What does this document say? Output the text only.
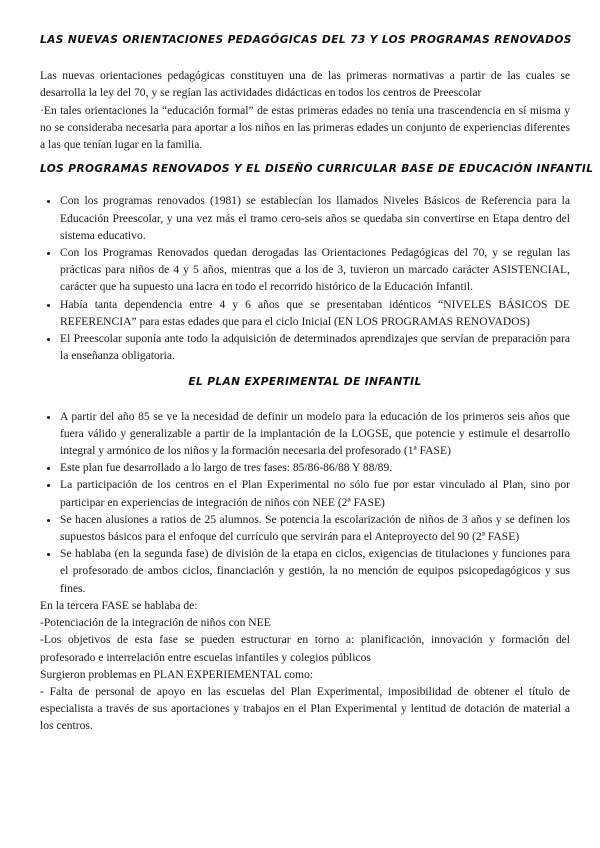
LAS NUEVAS ORIENTACIONES PEDAGÓGICAS DEL 73 Y LOS PROGRAMAS RENOVADOS

Las nuevas orientaciones pedagógicas constituyen una de las primeras normativas a partir de las cuales se desarrolla la ley del 70, y se regían las actividades didácticas en todos los centros de Preescolar

·En tales orientaciones la “educación formal” de estas primeras edades no tenía una trascendencia en sí misma y no se consideraba necesaria para aportar a los niños en las primeras edades un conjunto de experiencias diferentes a las que tenían lugar en la familia.

LOS PROGRAMAS RENOVADOS Y EL DISEÑO CURRICULAR BASE DE EDUCACIÓN INFANTIL
• Con los programas renovados (1981) se establecían los llamados Niveles Básicos de Referencia para la Educación Preescolar, y una vez más el tramo cero-seis años se quedaba sin convertirse en Etapa dentro del sistema educativo.
• Con los Programas Renovados quedan derogadas las Orientaciones Pedagógicas del 70, y se regulan las prácticas para niños de 4 y 5 años, mientras que a los de 3, tuvieron un marcado carácter ASISTENCIAL, carácter que ha supuesto una lacra en todo el recorrido histórico de la Educación Infantil.
• Había tanta dependencia entre 4 y 6 años que se presentaban idénticos “NIVELES BÁSICOS DE REFERENCIA” para estas edades que para el ciclo Inicial (EN LOS PROGRAMAS RENOVADOS)
• El Preescolar suponía ante todo la adquisición de determinados aprendizajes que servían de preparación para la enseñanza obligatoria.
EL PLAN EXPERIMENTAL DE INFANTIL
• A partir del año 85 se ve la necesidad de definir un modelo para la educación de los primeros seis años que fuera válido y generalizable a partir de la implantación de la LOGSE, que potencie y estimule el desarrollo integral y armónico de los niños y la formación necesaria del profesorado (1ª FASE)
• Este plan fue desarrollado a lo largo de tres fases: 85/86-86/88 Y 88/89.
• La participación de los centros en el Plan Experimental no sólo fue por estar vinculado al Plan, sino por participar en experiencias de integración de niños con NEE (2ª FASE)
• Se hacen alusiones a ratios de 25 alumnos. Se potencia la escolarización de niños de 3 años y se definen los supuestos básicos para el enfoque del currículo que servirán para el Anteproyecto del 90 (2ª FASE)
• Se hablaba (en la segunda fase) de división de la etapa en ciclos, exigencias de titulaciones y funciones para el profesorado de ambos ciclos, financiación y gestión, la no mención de equipos psicopedagógicos y sus fines.

En la tercera FASE se hablaba de:

-Potenciación de la integración de niños con NEE

-Los objetivos de esta fase se pueden estructurar en torno a: planificación, innovación y formación del profesorado e interrelación entre escuelas infantiles y colegios públicos

Surgieron problemas en PLAN EXPERIEMENTAL como:

- Falta de personal de apoyo en las escuelas del Plan Experimental, imposibilidad de obtener el título de especialista a través de sus aportaciones y trabajos en el Plan Experimental y lentitud de dotación de material a los centros.
